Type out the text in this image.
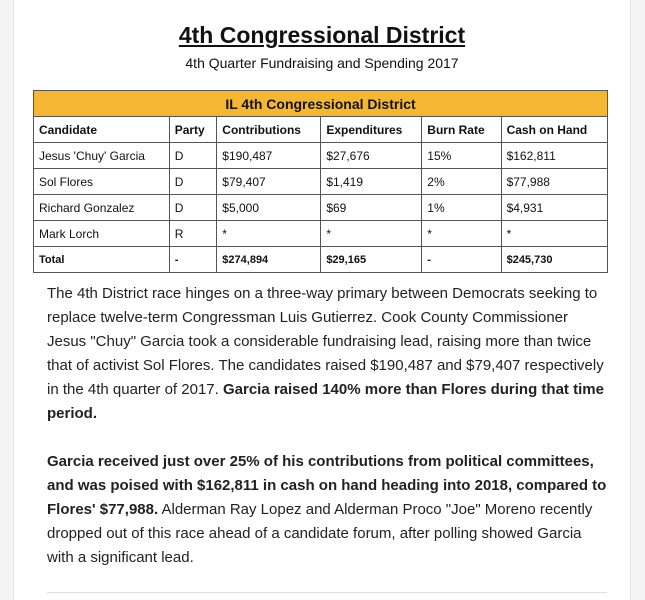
4th Congressional District
4th Quarter Fundraising and Spending 2017
IL 4th Congressional District					
Candidate	Party	Contributions	Expenditures	Burn Rate	Cash on Hand
Jesus 'Chuy' Garcia	D	$190,487	$27,676	15%	$162,811
Sol Flores	D	$79,407	$1,419	2%	$77,988
Richard Gonzalez	D	$5,000	$69	1%	$4,931
Mark Lorch	R	*	*	*	*
Total	-	$274,894	$29,165	-	$245,730

The 4th District race hinges on a three-way primary between Democrats seeking to replace twelve-term Congressman Luis Gutierrez. Cook County Commissioner Jesus "Chuy" Garcia took a considerable fundraising lead, raising more than twice that of activist Sol Flores. The candidates raised $190,487 and $79,407 respectively in the 4th quarter of 2017. Garcia raised 140% more than Flores during that time period.

Garcia received just over 25% of his contributions from political committees, and was poised with $162,811 in cash on hand heading into 2018, compared to Flores' $77,988. Alderman Ray Lopez and Alderman Proco "Joe" Moreno recently dropped out of this race ahead of a candidate forum, after polling showed Garcia with a significant lead.
